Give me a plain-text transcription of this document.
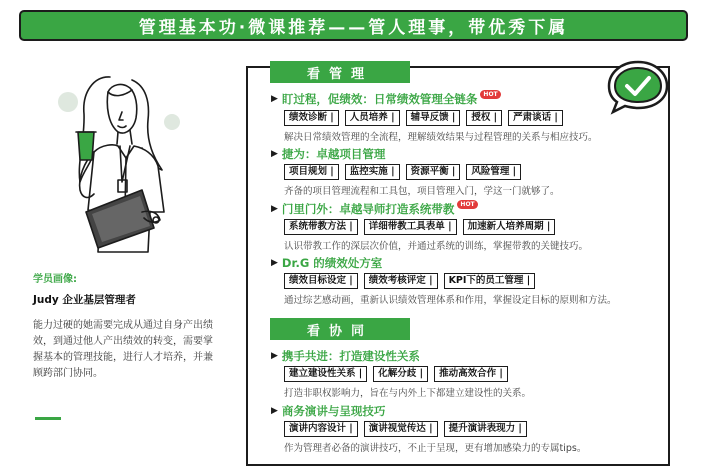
管理基本功·微课推荐——管人理事，带优秀下属
学员画像:
Judy 企业基层管理者
能力过硬的她需要完成从通过自身产出绩效，到通过他人产出绩效的转变，需要掌握基本的管理技能，进行人才培养，并兼顾跨部门协同。
看管理
▶ 盯过程，促绩效：日常绩效管理全链条	HOT
绩效诊断 |	人员培养 |	辅导反馈 |	授权 |	严肃谈话 |
解决日常绩效管理的全流程，理解绩效结果与过程管理的关系与相应技巧。
▶ 捷为：卓越项目管理
项目规划 |	监控实施 |	资源平衡 |	风险管理 |
齐备的项目管理流程和工具包，项目管理入门，学这一门就够了。
▶ 门里门外：卓越导师打造系统带教	HOT
系统带教方法 |	详细带教工具表单 |	加速新人培养周期 |
认识带教工作的深层次价值，并通过系统的训练，掌握带教的关键技巧。
▶ Dr.G 的绩效处方室
绩效目标设定 |	绩效考核评定 |	KPI下的员工管理 |
通过综艺感动画，重新认识绩效管理体系和作用，掌握设定目标的原则和方法。
看协同
▶ 携手共进：打造建设性关系
建立建设性关系 |	化解分歧 |	推动高效合作 |
打造非职权影响力，旨在与内外上下都建立建设性的关系。
▶ 商务演讲与呈现技巧
演讲内容设计 |	演讲视觉传达 |	提升演讲表现力 |
作为管理者必备的演讲技巧，不止于呈现，更有增加感染力的专属tips。
